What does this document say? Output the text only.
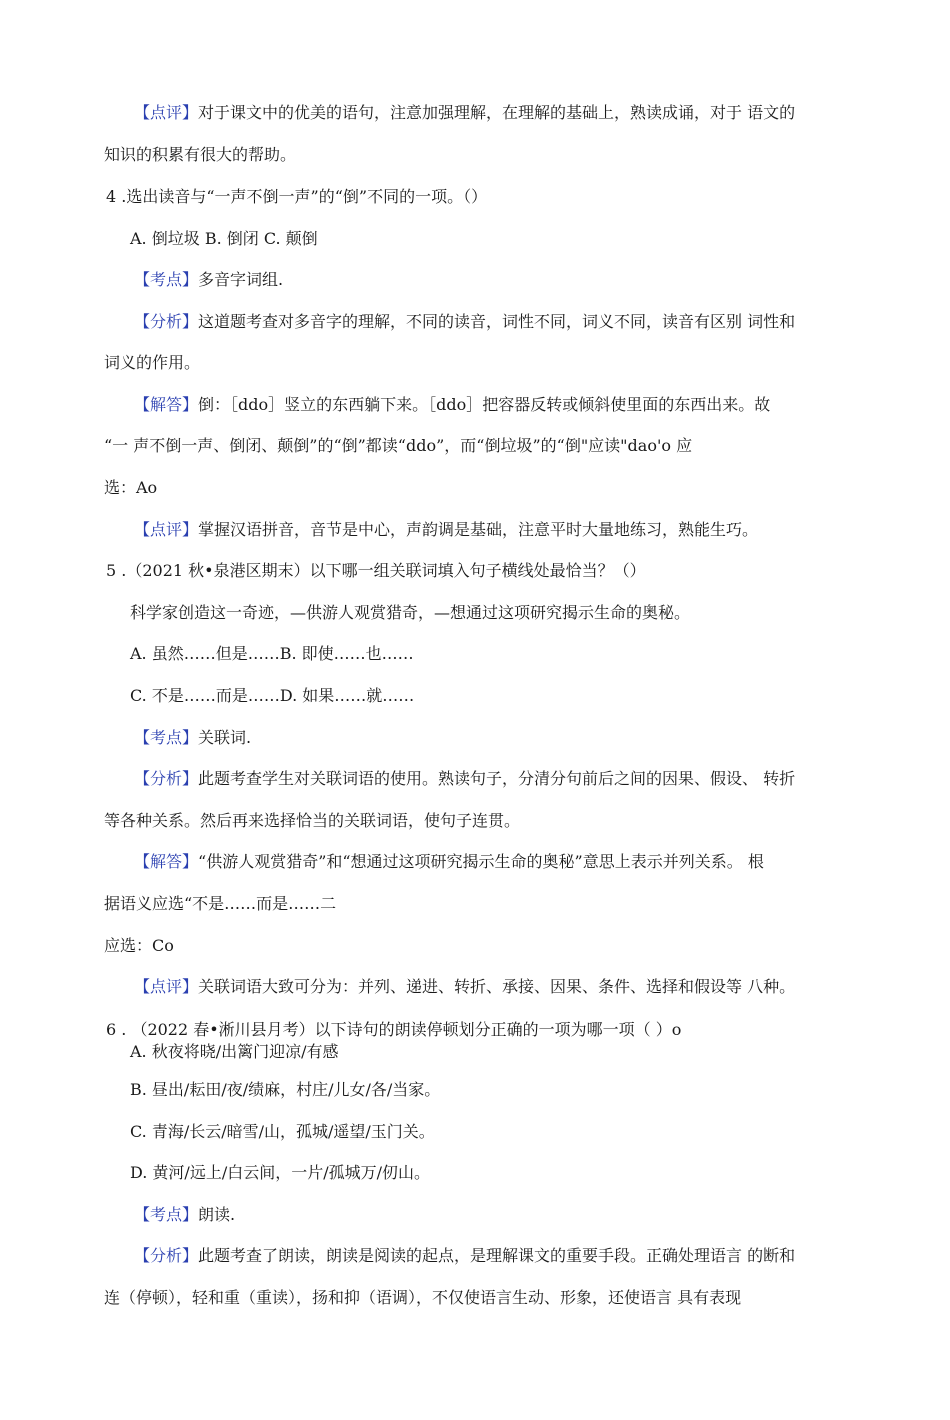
【点评】对于课文中的优美的语句，注意加强理解，在理解的基础上，熟读成诵，对于 语文的
知识的积累有很大的帮助。
4 .选出读音与“一声不倒一声”的“倒”不同的一项。（）
A. 倒垃圾 B. 倒闭 C. 颠倒
【考点】多音字词组.
【分析】这道题考查对多音字的理解，不同的读音，词性不同，词义不同，读音有区别 词性和
词义的作用。
【解答】倒：［ddo］竖立的东西躺下来。［ddo］把容器反转或倾斜使里面的东西出来。故
“一 声不倒一声、倒闭、颠倒”的“倒”都读“ddo”，而“倒垃圾”的“倒"应读"dao'o 应
选：Ao
【点评】掌握汉语拼音，音节是中心，声韵调是基础，注意平时大量地练习，熟能生巧。
5 .（2021 秋•泉港区期末）以下哪一组关联词填入句子横线处最恰当？（）
科学家创造这一奇迹，—供游人观赏猎奇，—想通过这项研究揭示生命的奥秘。
A. 虽然……但是……B. 即使……也……
C. 不是……而是……D. 如果……就……
【考点】关联词.
【分析】此题考查学生对关联词语的使用。熟读句子，分清分句前后之间的因果、假设、 转折
等各种关系。然后再来选择恰当的关联词语，使句子连贯。
【解答】“供游人观赏猎奇”和“想通过这项研究揭示生命的奥秘”意思上表示并列关系。 根
据语义应选“不是……而是……二
应选：Co
【点评】关联词语大致可分为：并列、递进、转折、承接、因果、条件、选择和假设等 八种。
6 . （2022 春•淅川县月考）以下诗句的朗读停顿划分正确的一项为哪一项（ ）o
A. 秋夜将晓/出篱门迎凉/有感
B. 昼出/耘田/夜/绩麻，村庄/儿女/各/当家。
C. 青海/长云/暗雪/山，孤城/遥望/玉门关。
D. 黄河/远上/白云间，一片/孤城万/仞山。
【考点】朗读.
【分析】此题考查了朗读，朗读是阅读的起点，是理解课文的重要手段。正确处理语言 的断和
连（停顿），轻和重（重读），扬和抑（语调），不仅使语言生动、形象，还使语言 具有表现
